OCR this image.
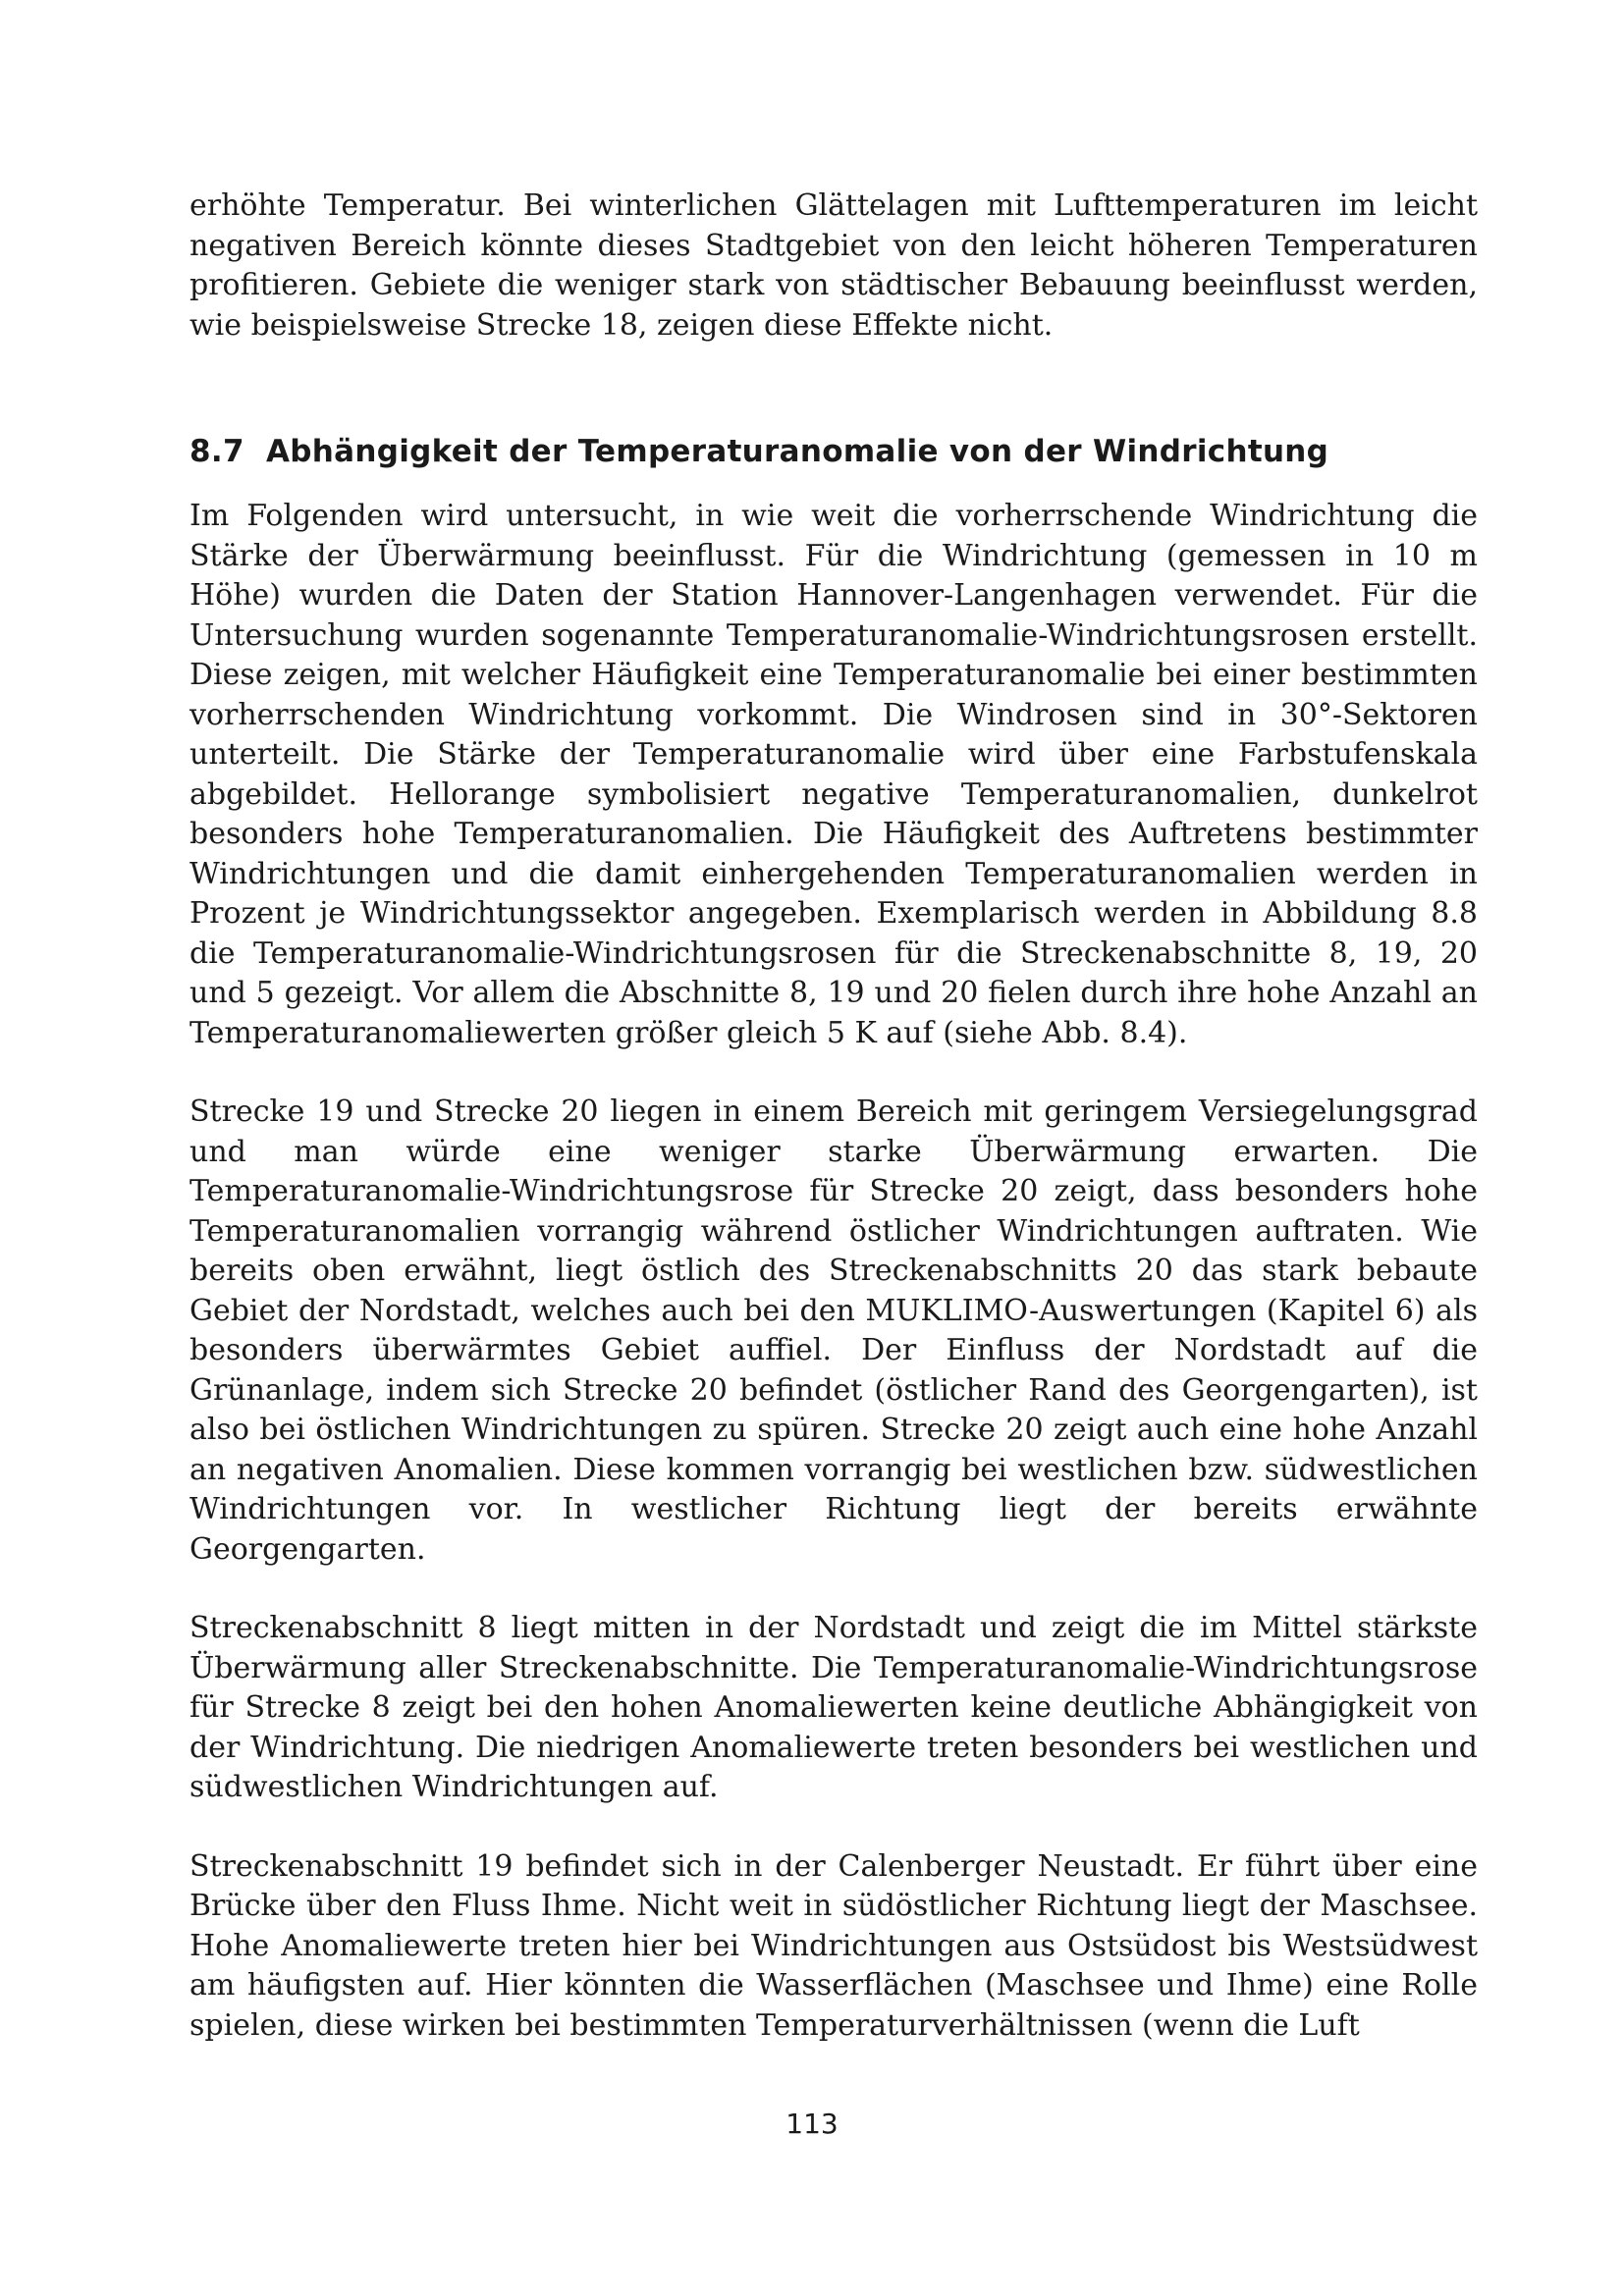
erhöhte Temperatur. Bei winterlichen Glättelagen mit Lufttemperaturen im leicht negativen Bereich könnte dieses Stadtgebiet von den leicht höheren Temperaturen profitieren. Gebiete die weniger stark von städtischer Bebauung beeinflusst werden, wie beispielsweise Strecke 18, zeigen diese Effekte nicht.

8.7 Abhängigkeit der Temperaturanomalie von der Windrichtung

Im Folgenden wird untersucht, in wie weit die vorherrschende Windrichtung die Stärke der Überwärmung beeinflusst. Für die Windrichtung (gemessen in 10 m Höhe) wurden die Daten der Station Hannover-Langenhagen verwendet. Für die Untersuchung wurden sogenannte Temperaturanomalie-Windrichtungsrosen erstellt. Diese zeigen, mit welcher Häufigkeit eine Temperaturanomalie bei einer bestimmten vorherrschenden Windrichtung vorkommt. Die Windrosen sind in 30°-Sektoren unterteilt. Die Stärke der Temperaturanomalie wird über eine Farbstufenskala abgebildet. Hellorange symbolisiert negative Temperaturanomalien, dunkelrot besonders hohe Temperaturanomalien. Die Häufigkeit des Auftretens bestimmter Windrichtungen und die damit einhergehenden Temperaturanomalien werden in Prozent je Windrichtungssektor angegeben. Exemplarisch werden in Abbildung 8.8 die Temperaturanomalie-Windrichtungsrosen für die Streckenabschnitte 8, 19, 20 und 5 gezeigt. Vor allem die Abschnitte 8, 19 und 20 fielen durch ihre hohe Anzahl an Temperaturanomaliewerten größer gleich 5 K auf (siehe Abb. 8.4).

Strecke 19 und Strecke 20 liegen in einem Bereich mit geringem Versiegelungsgrad und man würde eine weniger starke Überwärmung erwarten. Die Temperaturanomalie-Windrichtungsrose für Strecke 20 zeigt, dass besonders hohe Temperaturanomalien vorrangig während östlicher Windrichtungen auftraten. Wie bereits oben erwähnt, liegt östlich des Streckenabschnitts 20 das stark bebaute Gebiet der Nordstadt, welches auch bei den MUKLIMO-Auswertungen (Kapitel 6) als besonders überwärmtes Gebiet auffiel. Der Einfluss der Nordstadt auf die Grünanlage, indem sich Strecke 20 befindet (östlicher Rand des Georgengarten), ist also bei östlichen Windrichtungen zu spüren. Strecke 20 zeigt auch eine hohe Anzahl an negativen Anomalien. Diese kommen vorrangig bei westlichen bzw. südwestlichen Windrichtungen vor. In westlicher Richtung liegt der bereits erwähnte Georgengarten.

Streckenabschnitt 8 liegt mitten in der Nordstadt und zeigt die im Mittel stärkste Überwärmung aller Streckenabschnitte. Die Temperaturanomalie-Windrichtungsrose für Strecke 8 zeigt bei den hohen Anomaliewerten keine deutliche Abhängigkeit von der Windrichtung. Die niedrigen Anomaliewerte treten besonders bei westlichen und südwestlichen Windrichtungen auf.

Streckenabschnitt 19 befindet sich in der Calenberger Neustadt. Er führt über eine Brücke über den Fluss Ihme. Nicht weit in südöstlicher Richtung liegt der Maschsee. Hohe Anomaliewerte treten hier bei Windrichtungen aus Ostsüdost bis Westsüdwest am häufigsten auf. Hier könnten die Wasserflächen (Maschsee und Ihme) eine Rolle spielen, diese wirken bei bestimmten Temperaturverhältnissen (wenn die Luft

113
